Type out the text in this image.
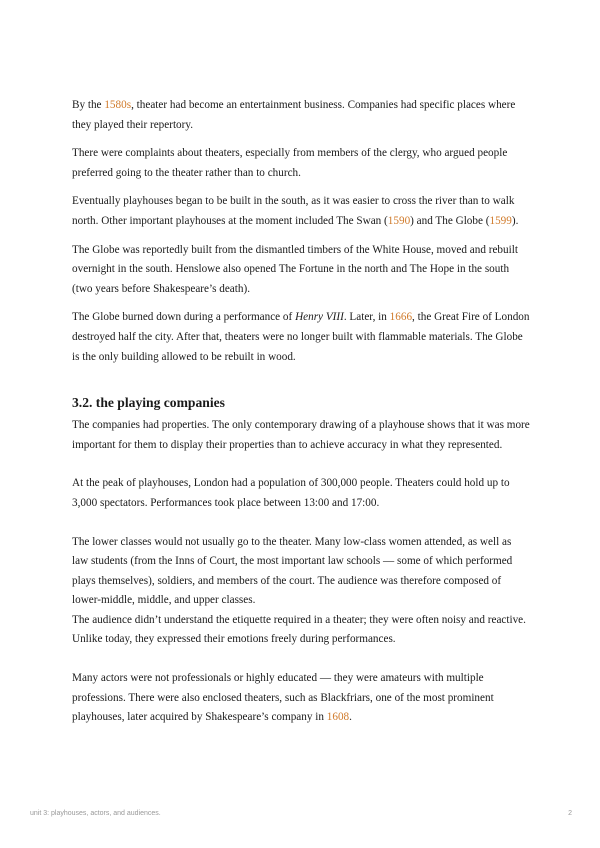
By the 1580s, theater had become an entertainment business. Companies had specific places where they played their repertory.

There were complaints about theaters, especially from members of the clergy, who argued people preferred going to the theater rather than to church.

Eventually playhouses began to be built in the south, as it was easier to cross the river than to walk north. Other important playhouses at the moment included The Swan (1590) and The Globe (1599).

The Globe was reportedly built from the dismantled timbers of the White House, moved and rebuilt overnight in the south. Henslowe also opened The Fortune in the north and The Hope in the south (two years before Shakespeare’s death).

The Globe burned down during a performance of Henry VIII. Later, in 1666, the Great Fire of London destroyed half the city. After that, theaters were no longer built with flammable materials. The Globe is the only building allowed to be rebuilt in wood.

3.2. the playing companies

The companies had properties. The only contemporary drawing of a playhouse shows that it was more important for them to display their properties than to achieve accuracy in what they represented.

At the peak of playhouses, London had a population of 300,000 people. Theaters could hold up to 3,000 spectators. Performances took place between 13:00 and 17:00.

The lower classes would not usually go to the theater. Many low-class women attended, as well as law students (from the Inns of Court, the most important law schools — some of which performed plays themselves), soldiers, and members of the court. The audience was therefore composed of lower-middle, middle, and upper classes.

The audience didn’t understand the etiquette required in a theater; they were often noisy and reactive. Unlike today, they expressed their emotions freely during performances.

Many actors were not professionals or highly educated — they were amateurs with multiple professions. There were also enclosed theaters, such as Blackfriars, one of the most prominent playhouses, later acquired by Shakespeare’s company in 1608.

unit 3: playhouses, actors, and audiences.	2
